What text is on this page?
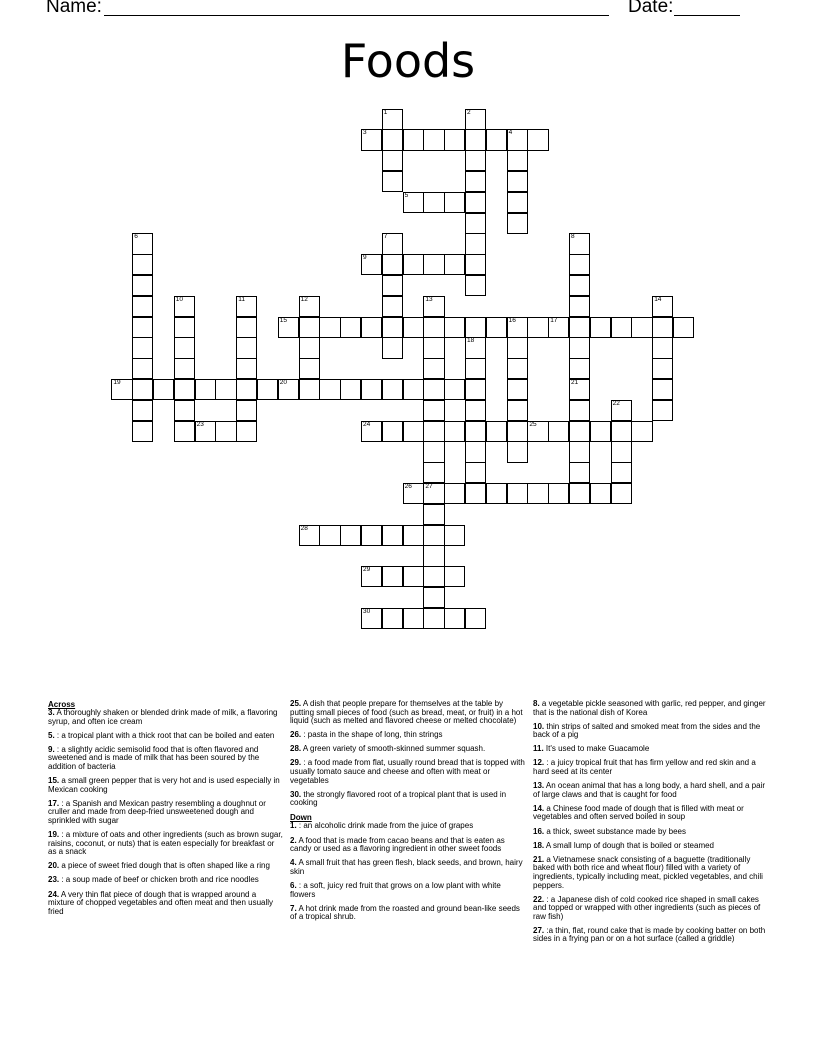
Name:	Date:
Foods
3	4
5
9
15	16	17
19	20
23	24	25
26 27
28
29
30
1	2
6	7	8
21
10	11	12	13	14
18
22
Across

3. A thoroughly shaken or blended drink made of milk, a flavoring syrup, and often ice cream

5. : a tropical plant with a thick root that can be boiled and eaten

9. : a slightly acidic semisolid food that is often flavored and sweetened and is made of milk that has been soured by the addition of bacteria

15. a small green pepper that is very hot and is used especially in Mexican cooking

17. : a Spanish and Mexican pastry resembling a doughnut or cruller and made from deep-fried unsweetened dough and sprinkled with sugar

19. : a mixture of oats and other ingredients (such as brown sugar, raisins, coconut, or nuts) that is eaten especially for breakfast or as a snack

20. a piece of sweet fried dough that is often shaped like a ring

23. : a soup made of beef or chicken broth and rice noodles

24. A very thin flat piece of dough that is wrapped around a mixture of chopped vegetables and often meat and then usually fried

25. A dish that people prepare for themselves at the table by putting small pieces of food (such as bread, meat, or fruit) in a hot liquid (such as melted and flavored cheese or melted chocolate)

26. : pasta in the shape of long, thin strings

28. A green variety of smooth-skinned summer squash.

29. : a food made from flat, usually round bread that is topped with usually tomato sauce and cheese and often with meat or vegetables

30. the strongly flavored root of a tropical plant that is used in cooking

Down

1. : an alcoholic drink made from the juice of grapes

2. A food that is made from cacao beans and that is eaten as candy or used as a flavoring ingredient in other sweet foods

4. A small fruit that has green flesh, black seeds, and brown, hairy skin

6. : a soft, juicy red fruit that grows on a low plant with white flowers

7. A hot drink made from the roasted and ground bean-like seeds of a tropical shrub.

8. a vegetable pickle seasoned with garlic, red pepper, and ginger that is the national dish of Korea

10. thin strips of salted and smoked meat from the sides and the back of a pig

11. It's used to make Guacamole

12. : a juicy tropical fruit that has firm yellow and red skin and a hard seed at its center

13. An ocean animal that has a long body, a hard shell, and a pair of large claws and that is caught for food

14. a Chinese food made of dough that is filled with meat or vegetables and often served boiled in soup

16. a thick, sweet substance made by bees

18. A small lump of dough that is boiled or steamed

21. a Vietnamese snack consisting of a baguette (traditionally baked with both rice and wheat flour) filled with a variety of ingredients, typically including meat, pickled vegetables, and chili peppers.

22. : a Japanese dish of cold cooked rice shaped in small cakes and topped or wrapped with other ingredients (such as pieces of raw fish)

27. :a thin, flat, round cake that is made by cooking batter on both sides in a frying pan or on a hot surface (called a griddle)
